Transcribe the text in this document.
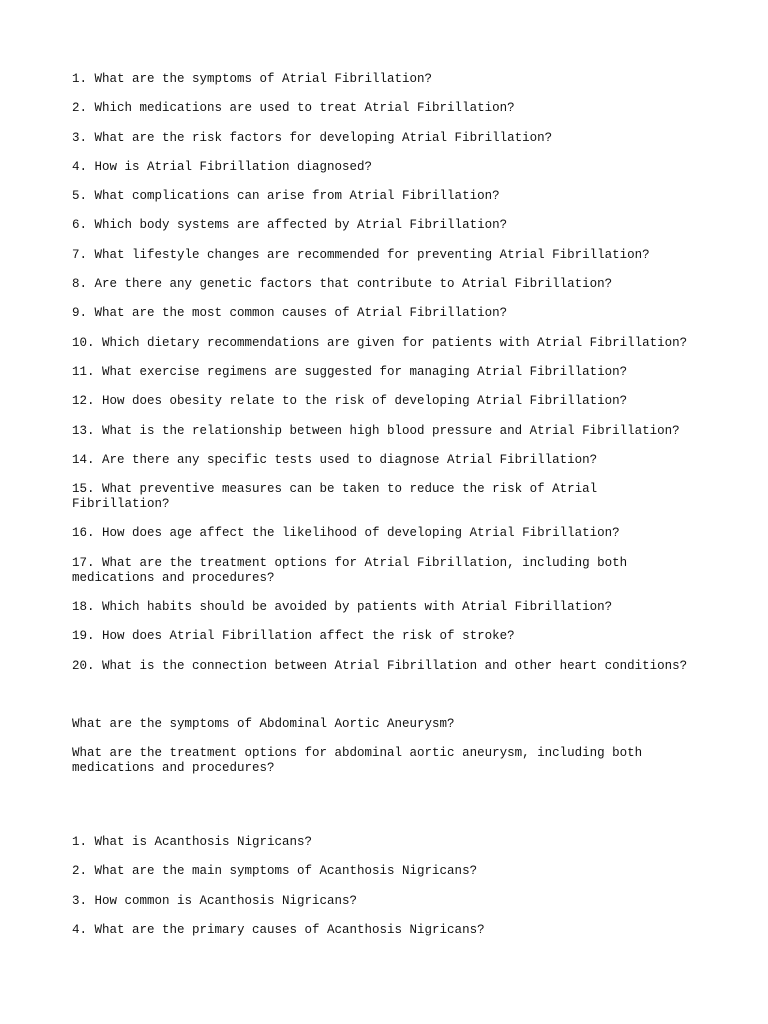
1. What are the symptoms of Atrial Fibrillation?

2. Which medications are used to treat Atrial Fibrillation?

3. What are the risk factors for developing Atrial Fibrillation?

4. How is Atrial Fibrillation diagnosed?

5. What complications can arise from Atrial Fibrillation?

6. Which body systems are affected by Atrial Fibrillation?

7. What lifestyle changes are recommended for preventing Atrial Fibrillation?

8. Are there any genetic factors that contribute to Atrial Fibrillation?

9. What are the most common causes of Atrial Fibrillation?

10. Which dietary recommendations are given for patients with Atrial Fibrillation?

11. What exercise regimens are suggested for managing Atrial Fibrillation?

12. How does obesity relate to the risk of developing Atrial Fibrillation?

13. What is the relationship between high blood pressure and Atrial Fibrillation?

14. Are there any specific tests used to diagnose Atrial Fibrillation?

15. What preventive measures can be taken to reduce the risk of Atrial Fibrillation?

16. How does age affect the likelihood of developing Atrial Fibrillation?

17. What are the treatment options for Atrial Fibrillation, including both medications and procedures?

18. Which habits should be avoided by patients with Atrial Fibrillation?

19. How does Atrial Fibrillation affect the risk of stroke?

20. What is the connection between Atrial Fibrillation and other heart conditions?

What are the symptoms of Abdominal Aortic Aneurysm?

What are the treatment options for abdominal aortic aneurysm, including both medications and procedures?

1. What is Acanthosis Nigricans?

2. What are the main symptoms of Acanthosis Nigricans?

3. How common is Acanthosis Nigricans?

4. What are the primary causes of Acanthosis Nigricans?
